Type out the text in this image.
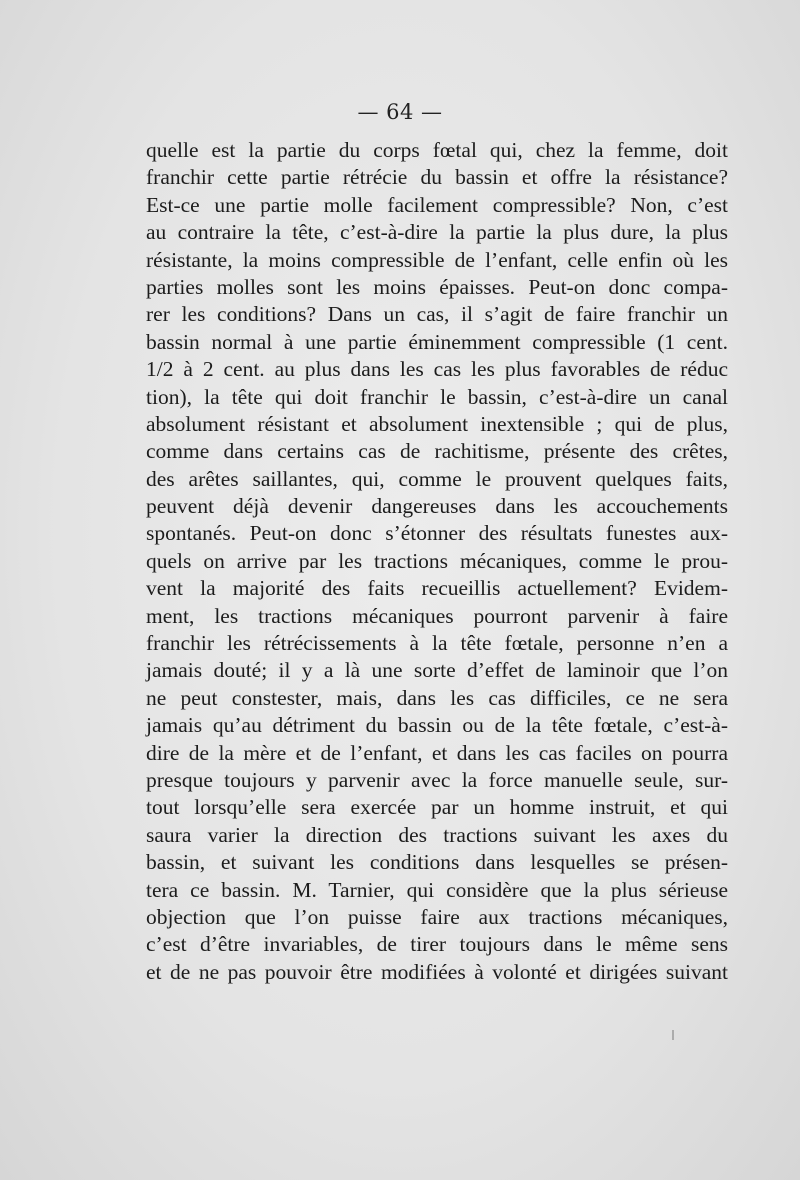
— 64 —
quelle est la partie du corps fœtal qui, chez la femme, doit
franchir cette partie rétrécie du bassin et offre la résistance?
Est-ce une partie molle facilement compressible? Non, c’est
au contraire la tête, c’est-à-dire la partie la plus dure, la plus
résistante, la moins compressible de l’enfant, celle enfin où les
parties molles sont les moins épaisses. Peut-on donc compa-
rer les conditions? Dans un cas, il s’agit de faire franchir un
bassin normal à une partie éminemment compressible (1 cent.
1/2 à 2 cent. au plus dans les cas les plus favorables de réduc
tion), la tête qui doit franchir le bassin, c’est-à-dire un canal
absolument résistant et absolument inextensible ; qui de plus,
comme dans certains cas de rachitisme, présente des crêtes,
des arêtes saillantes, qui, comme le prouvent quelques faits,
peuvent déjà devenir dangereuses dans les accouchements
spontanés. Peut-on donc s’étonner des résultats funestes aux-
quels on arrive par les tractions mécaniques, comme le prou-
vent la majorité des faits recueillis actuellement? Evidem-
ment, les tractions mécaniques pourront parvenir à faire
franchir les rétrécissements à la tête fœtale, personne n’en a
jamais douté; il y a là une sorte d’effet de laminoir que l’on
ne peut constester, mais, dans les cas difficiles, ce ne sera
jamais qu’au détriment du bassin ou de la tête fœtale, c’est-à-
dire de la mère et de l’enfant, et dans les cas faciles on pourra
presque toujours y parvenir avec la force manuelle seule, sur-
tout lorsqu’elle sera exercée par un homme instruit, et qui
saura varier la direction des tractions suivant les axes du
bassin, et suivant les conditions dans lesquelles se présen-
tera ce bassin. M. Tarnier, qui considère que la plus sérieuse
objection que l’on puisse faire aux tractions mécaniques,
c’est d’être invariables, de tirer toujours dans le même sens
et de ne pas pouvoir être modifiées à volonté et dirigées suivant
